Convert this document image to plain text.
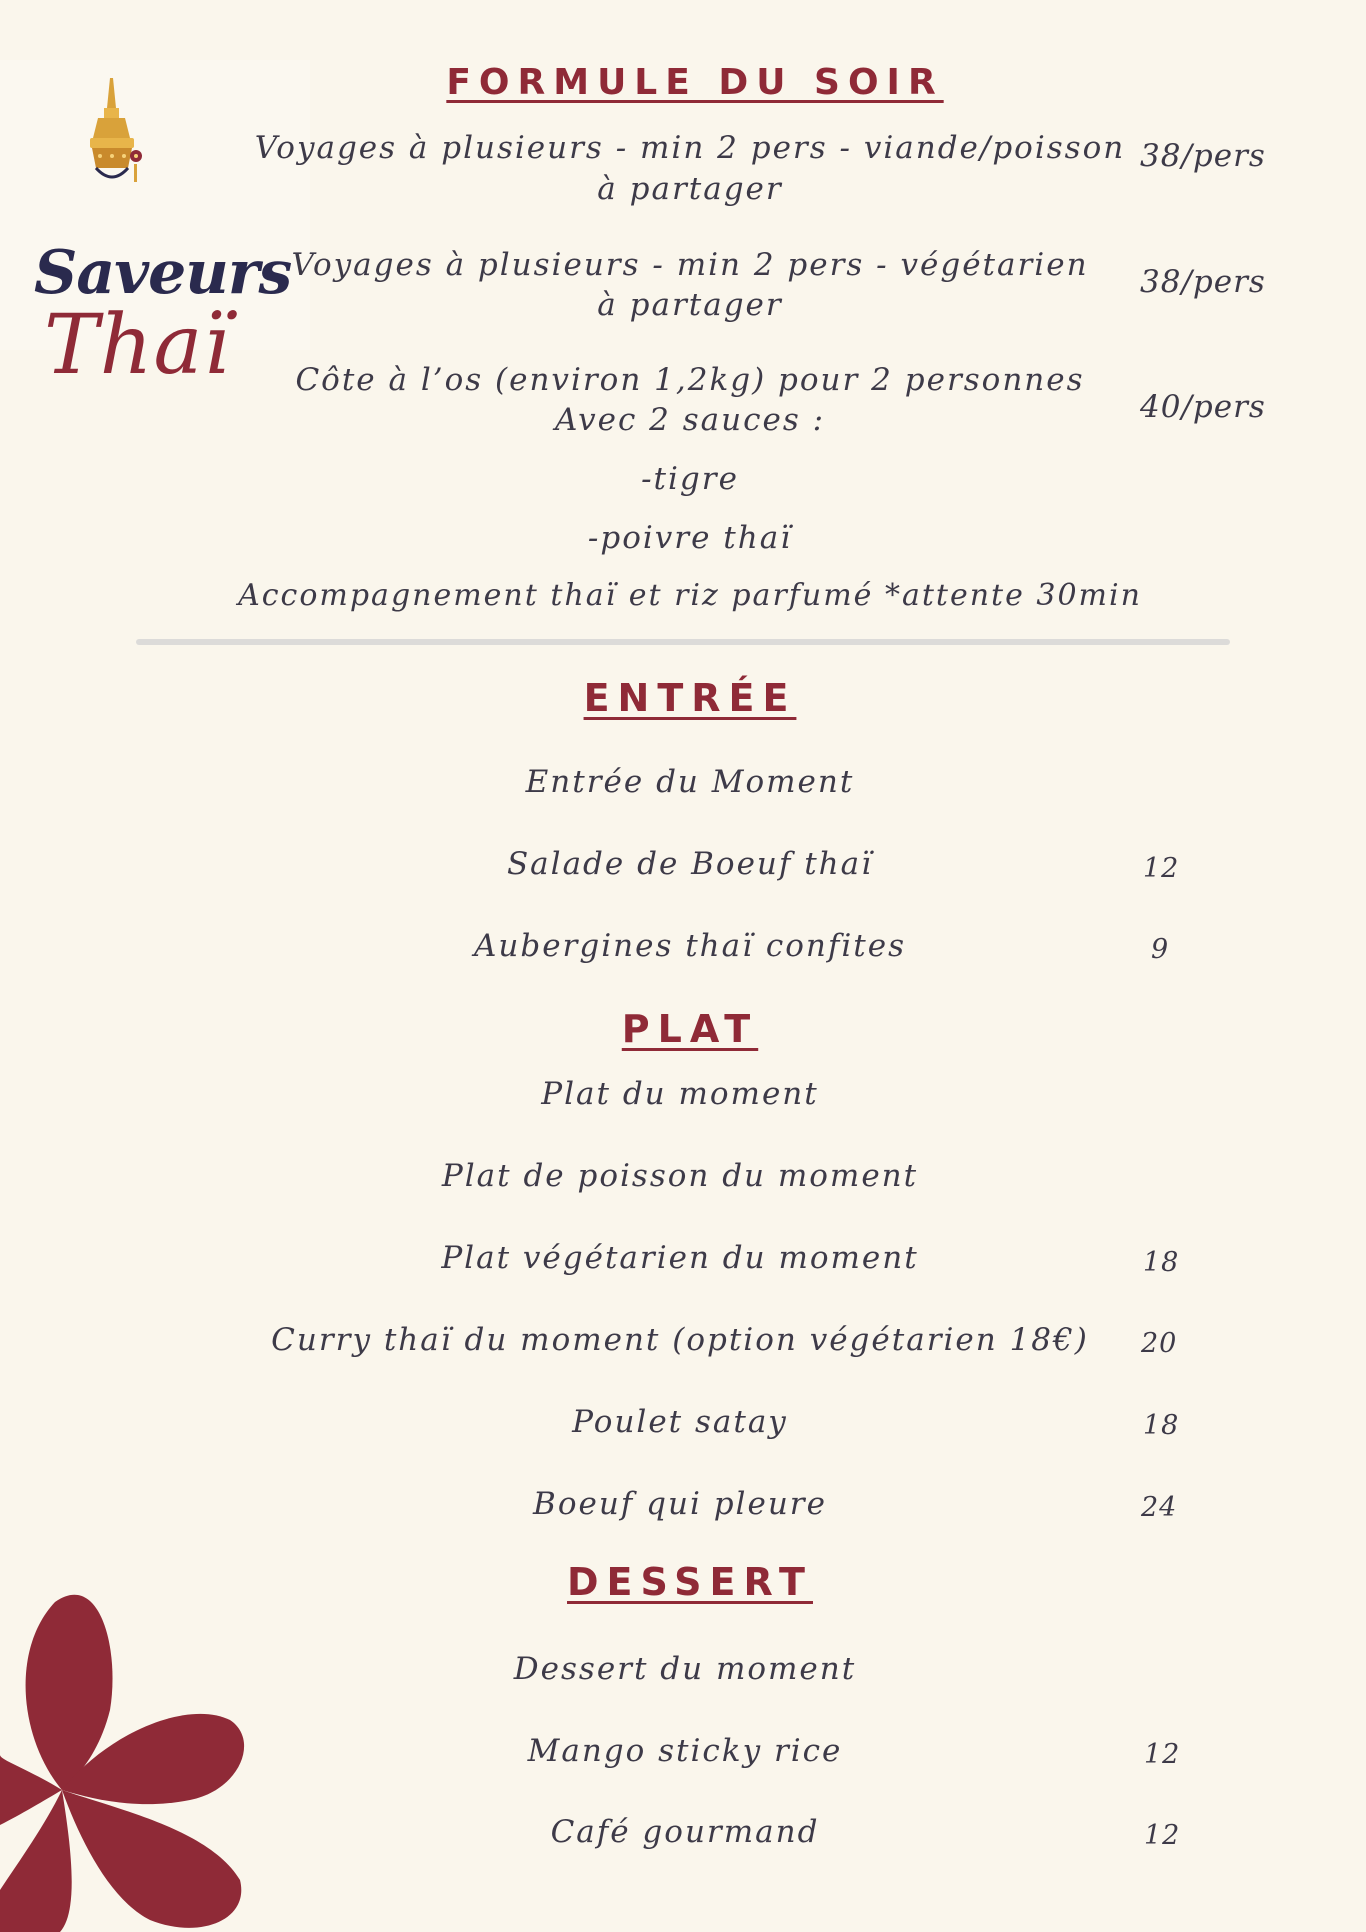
Saveurs
Thaï
FORMULE DU SOIR
Voyages à plusieurs - min 2 pers - viande/poisson
à partager
38/pers
Voyages à plusieurs - min 2 pers - végétarien
à partager
38/pers
Côte à l’os (environ 1,2kg) pour 2 personnes
Avec 2 sauces :	40/pers
-tigre
-poivre thaï
Accompagnement thaï et riz parfumé *attente 30min
ENTRÉE
Entrée du Moment
Salade de Boeuf thaï	12
Aubergines thaï confites	9
PLAT
Plat du moment
Plat de poisson du moment
Plat végétarien du moment	18
Curry thaï du moment (option végétarien 18€)	20
Poulet satay	18
Boeuf qui pleure	24
DESSERT
Dessert du moment
Mango sticky rice	12
Café gourmand	12
